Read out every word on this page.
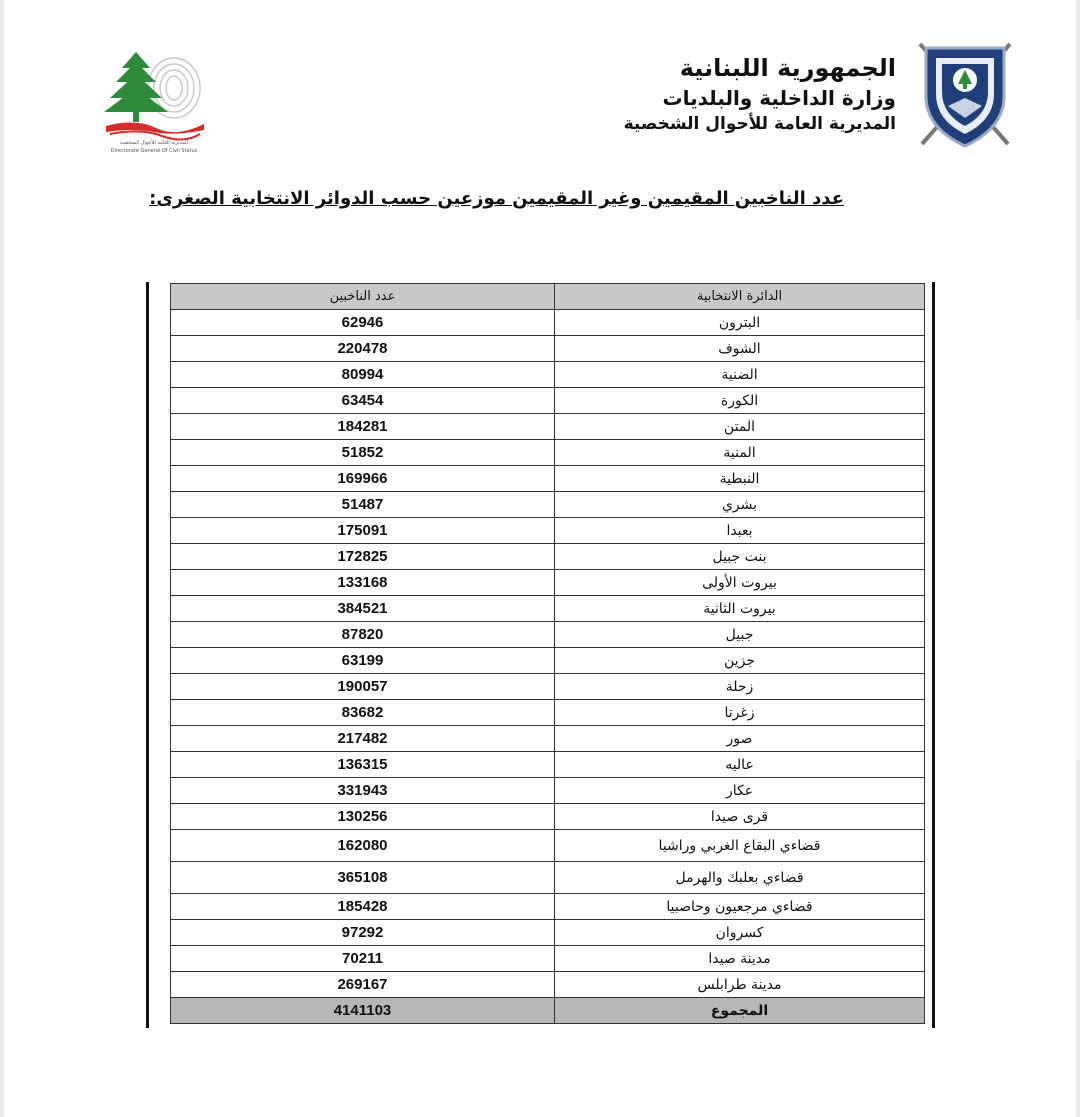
المديرية العامة للأحوال الشخصية
Directorate General Of Civil Status
الجمهورية اللبنانية
وزارة الداخلية والبلديات
المديرية العامة للأحوال الشخصية
عدد الناخبين المقيمين وغير المقيمين موزعين حسب الدوائر الانتخابية الصغرى:
عدد الناخبين	الدائرة الانتخابية
62946	البترون
220478	الشوف
80994	الضنية
63454	الكورة
184281	المتن
51852	المنية
169966	النبطية
51487	بشري
175091	بعبدا
172825	بنت جبيل
133168	بيروت الأولى
384521	بيروت الثانية
87820	جبيل
63199	جزين
190057	زحلة
83682	زغرتا
217482	صور
136315	عاليه
331943	عكار
130256	قرى صيدا
162080	قضاءي البقاع الغربي وراشيا
365108	قضاءي بعلبك والهرمل
185428	قضاءي مرجعيون وحاصبيا
97292	كسروان
70211	مدينة صيدا
269167	مدينة طرابلس
4141103	المجموع
